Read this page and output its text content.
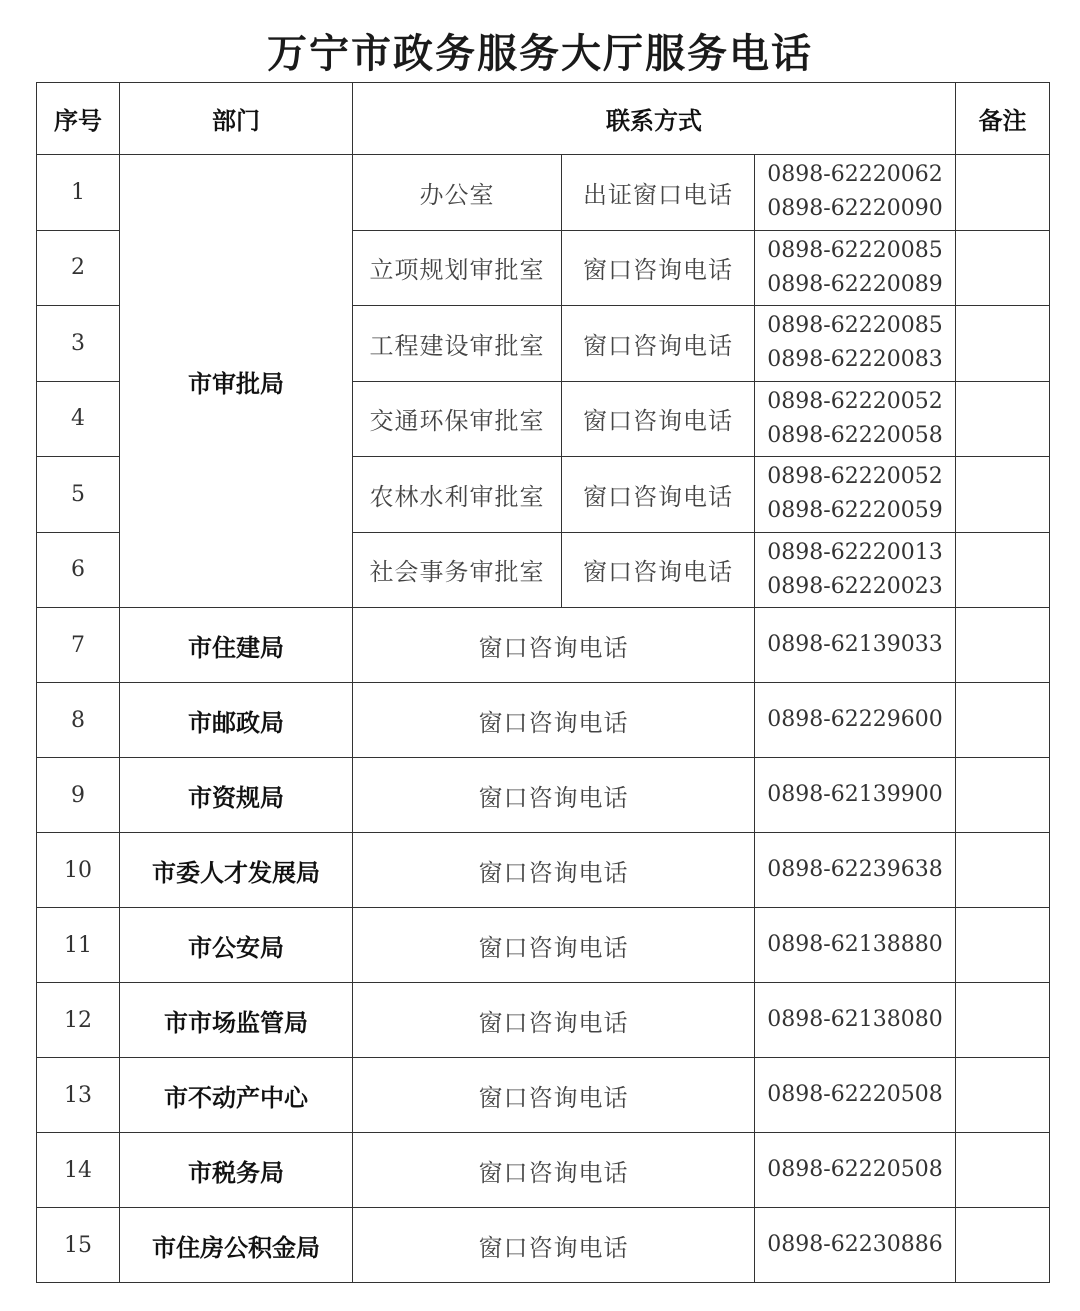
万宁市政务服务大厅服务电话
序号	部门	联系方式			备注
1	市审批局	办公室	出证窗口电话	0898-62220062
0898-62220090	

2		立项规划审批室	窗口咨询电话	0898-62220085
0898-62220089	

3		工程建设审批室	窗口咨询电话	0898-62220085
0898-62220083	

4		交通环保审批室	窗口咨询电话	0898-62220052
0898-62220058	

5		农林水利审批室	窗口咨询电话	0898-62220052
0898-62220059	

6		社会事务审批室	窗口咨询电话	0898-62220013
0898-62220023	

7	市住建局	窗口咨询电话		0898-62139033	
8	市邮政局	窗口咨询电话		0898-62229600	
9	市资规局	窗口咨询电话		0898-62139900	
10	市委人才发展局	窗口咨询电话		0898-62239638	
11	市公安局	窗口咨询电话		0898-62138880	
12	市市场监管局	窗口咨询电话		0898-62138080	
13	市不动产中心	窗口咨询电话		0898-62220508	
14	市税务局	窗口咨询电话		0898-62220508	
15	市住房公积金局	窗口咨询电话		0898-62230886	
